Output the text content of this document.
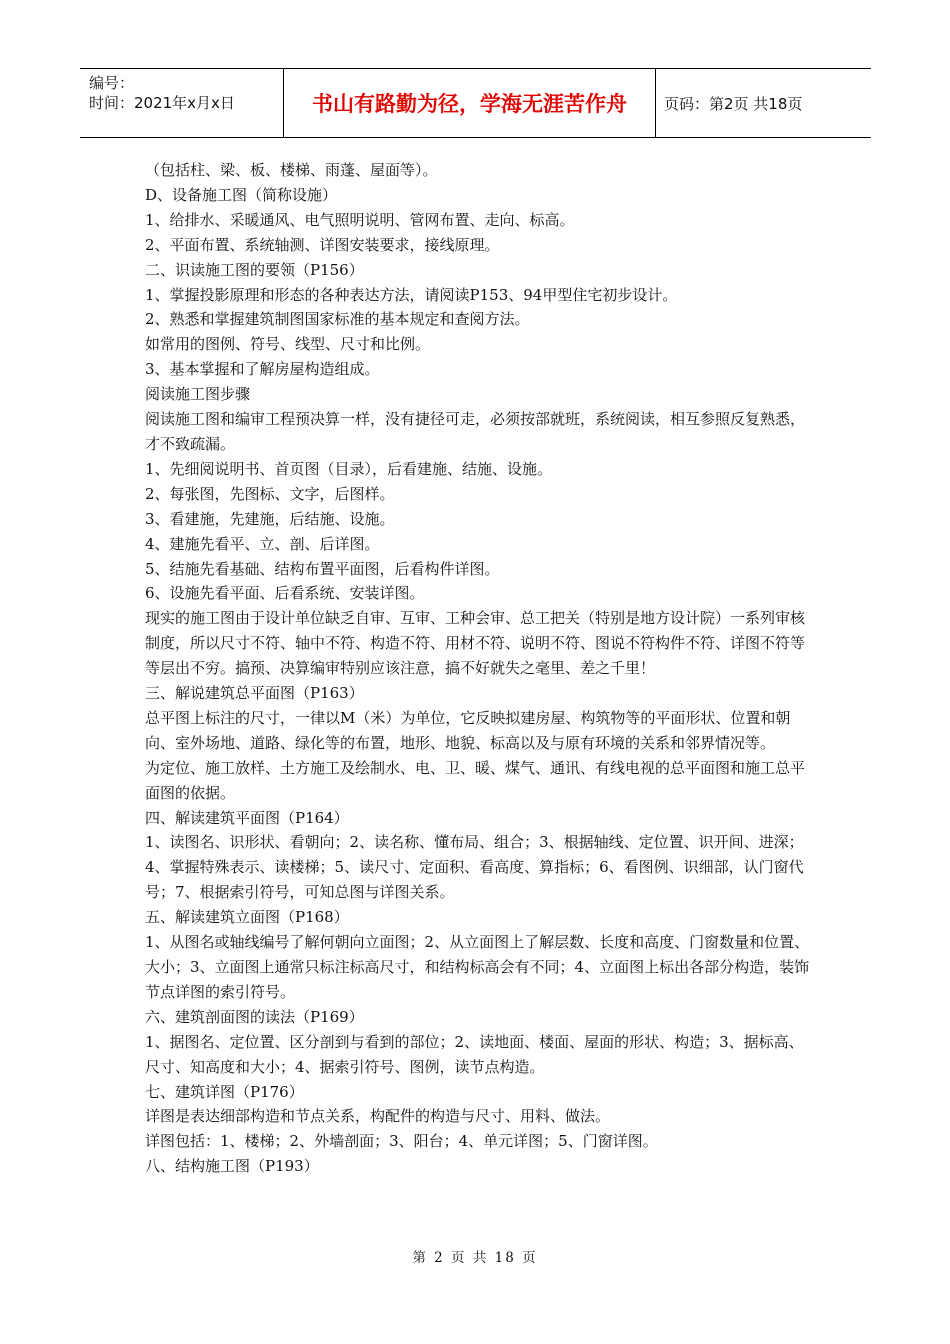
编号：
时间：2021年x月x日	书山有路勤为径，学海无涯苦作舟	页码：第2页 共18页

（包括柱、梁、板、楼梯、雨蓬、屋面等）。

D、设备施工图（简称设施）

1、给排水、采暖通风、电气照明说明、管网布置、走向、标高。

2、平面布置、系统轴测、详图安装要求，接线原理。

二、识读施工图的要领（P156）

1、掌握投影原理和形态的各种表达方法，请阅读P153、94甲型住宅初步设计。

2、熟悉和掌握建筑制图国家标准的基本规定和查阅方法。

如常用的图例、符号、线型、尺寸和比例。

3、基本掌握和了解房屋构造组成。

阅读施工图步骤

阅读施工图和编审工程预决算一样，没有捷径可走，必须按部就班，系统阅读，相互参照反复熟悉，才不致疏漏。

1、先细阅说明书、首页图（目录），后看建施、结施、设施。

2、每张图，先图标、文字，后图样。

3、看建施，先建施，后结施、设施。

4、建施先看平、立、剖、后详图。

5、结施先看基础、结构布置平面图，后看构件详图。

6、设施先看平面、后看系统、安装详图。

现实的施工图由于设计单位缺乏自审、互审、工种会审、总工把关（特别是地方设计院）一系列审核制度，所以尺寸不符、轴中不符、构造不符、用材不符、说明不符、图说不符构件不符、详图不符等等层出不穷。搞预、决算编审特别应该注意，搞不好就失之毫里、差之千里！

三、解说建筑总平面图（P163）

总平图上标注的尺寸，一律以M（米）为单位，它反映拟建房屋、构筑物等的平面形状、位置和朝向、室外场地、道路、绿化等的布置，地形、地貌、标高以及与原有环境的关系和邻界情况等。

为定位、施工放样、土方施工及绘制水、电、卫、暖、煤气、通讯、有线电视的总平面图和施工总平面图的依据。

四、解读建筑平面图（P164）

1、读图名、识形状、看朝向；2、读名称、懂布局、组合；3、根据轴线、定位置、识开间、进深；4、掌握特殊表示、读楼梯；5、读尺寸、定面积、看高度、算指标；6、看图例、识细部，认门窗代号；7、根据索引符号，可知总图与详图关系。

五、解读建筑立面图（P168）

1、从图名或轴线编号了解何朝向立面图；2、从立面图上了解层数、长度和高度、门窗数量和位置、大小；3、立面图上通常只标注标高尺寸，和结构标高会有不同；4、立面图上标出各部分构造，装饰节点详图的索引符号。

六、建筑剖面图的读法（P169）

1、据图名、定位置、区分剖到与看到的部位；2、读地面、楼面、屋面的形状、构造；3、据标高、尺寸、知高度和大小；4、据索引符号、图例，读节点构造。

七、建筑详图（P176）

详图是表达细部构造和节点关系，构配件的构造与尺寸、用料、做法。

详图包括：1、楼梯；2、外墙剖面；3、阳台；4、单元详图；5、门窗详图。

八、结构施工图（P193）

第 2 页 共 18 页
